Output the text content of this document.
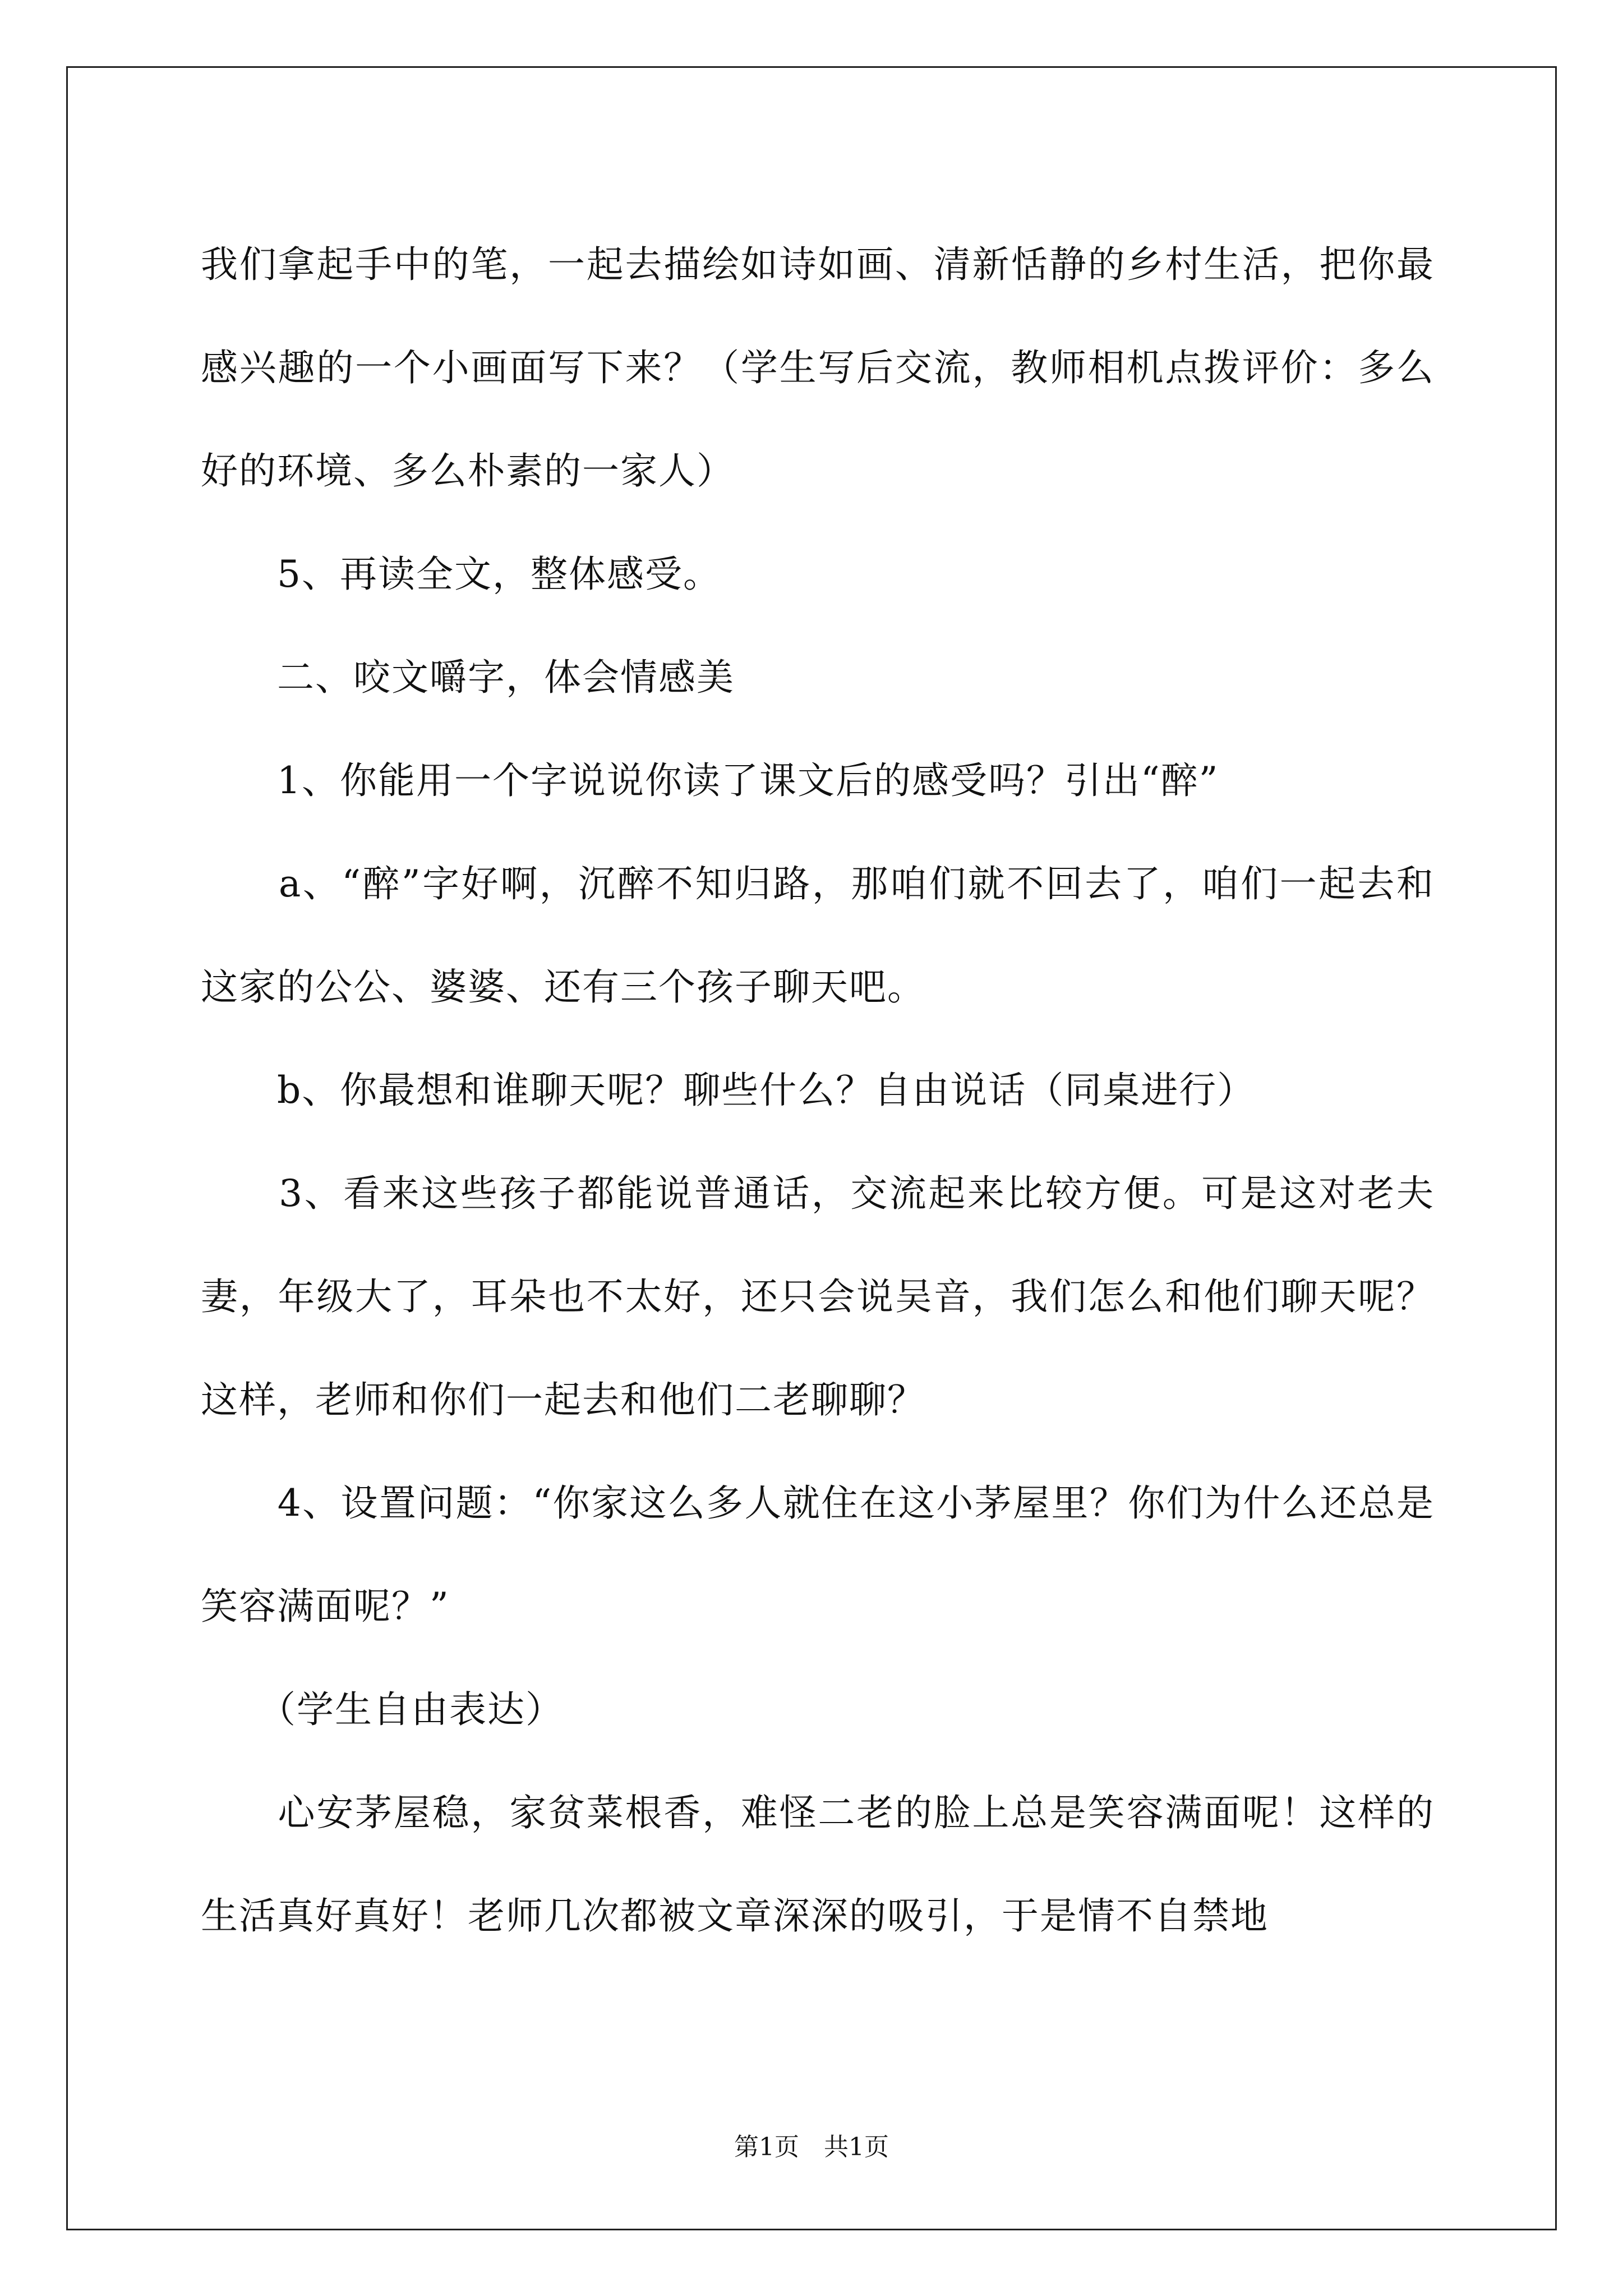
我们拿起手中的笔，一起去描绘如诗如画、清新恬静的乡村生活，把你最感兴趣的一个小画面写下来？（学生写后交流，教师相机点拨评价：多么好的环境、多么朴素的一家人）

　　5、再读全文，整体感受。

　　二、咬文嚼字，体会情感美

　　1、你能用一个字说说你读了课文后的感受吗？引出“醉”

　　a、“醉”字好啊，沉醉不知归路，那咱们就不回去了，咱们一起去和这家的公公、婆婆、还有三个孩子聊天吧。

　　b、你最想和谁聊天呢？聊些什么？自由说话（同桌进行）

　　3、看来这些孩子都能说普通话，交流起来比较方便。可是这对老夫妻，年级大了，耳朵也不太好，还只会说吴音，我们怎么和他们聊天呢？这样，老师和你们一起去和他们二老聊聊？

　　4、设置问题：“你家这么多人就住在这小茅屋里？你们为什么还总是笑容满面呢？”

　　（学生自由表达）

　　心安茅屋稳，家贫菜根香，难怪二老的脸上总是笑容满面呢！这样的生活真好真好！老师几次都被文章深深的吸引，于是情不自禁地

第1页　共1页
